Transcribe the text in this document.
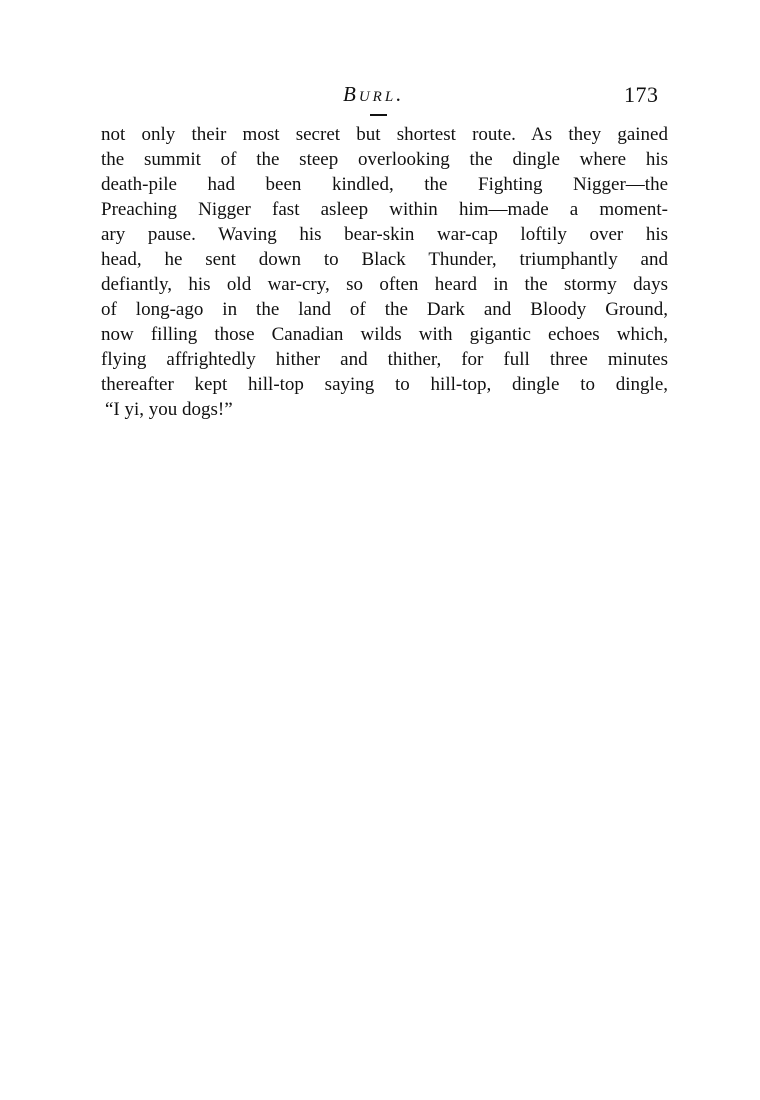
Burl.	173

not only their most secret but shortest route. As they gained
the summit of the steep overlooking the dingle where his
death-pile had been kindled, the Fighting Nigger—the
Preaching Nigger fast asleep within him—made a moment-
ary pause. Waving his bear-skin war-cap loftily over his
head, he sent down to Black Thunder, triumphantly and
defiantly, his old war-cry, so often heard in the stormy days
of long-ago in the land of the Dark and Bloody Ground,
now filling those Canadian wilds with gigantic echoes which,
flying affrightedly hither and thither, for full three minutes
thereafter kept hill-top saying to hill-top, dingle to dingle,
“I yi, you dogs!”
